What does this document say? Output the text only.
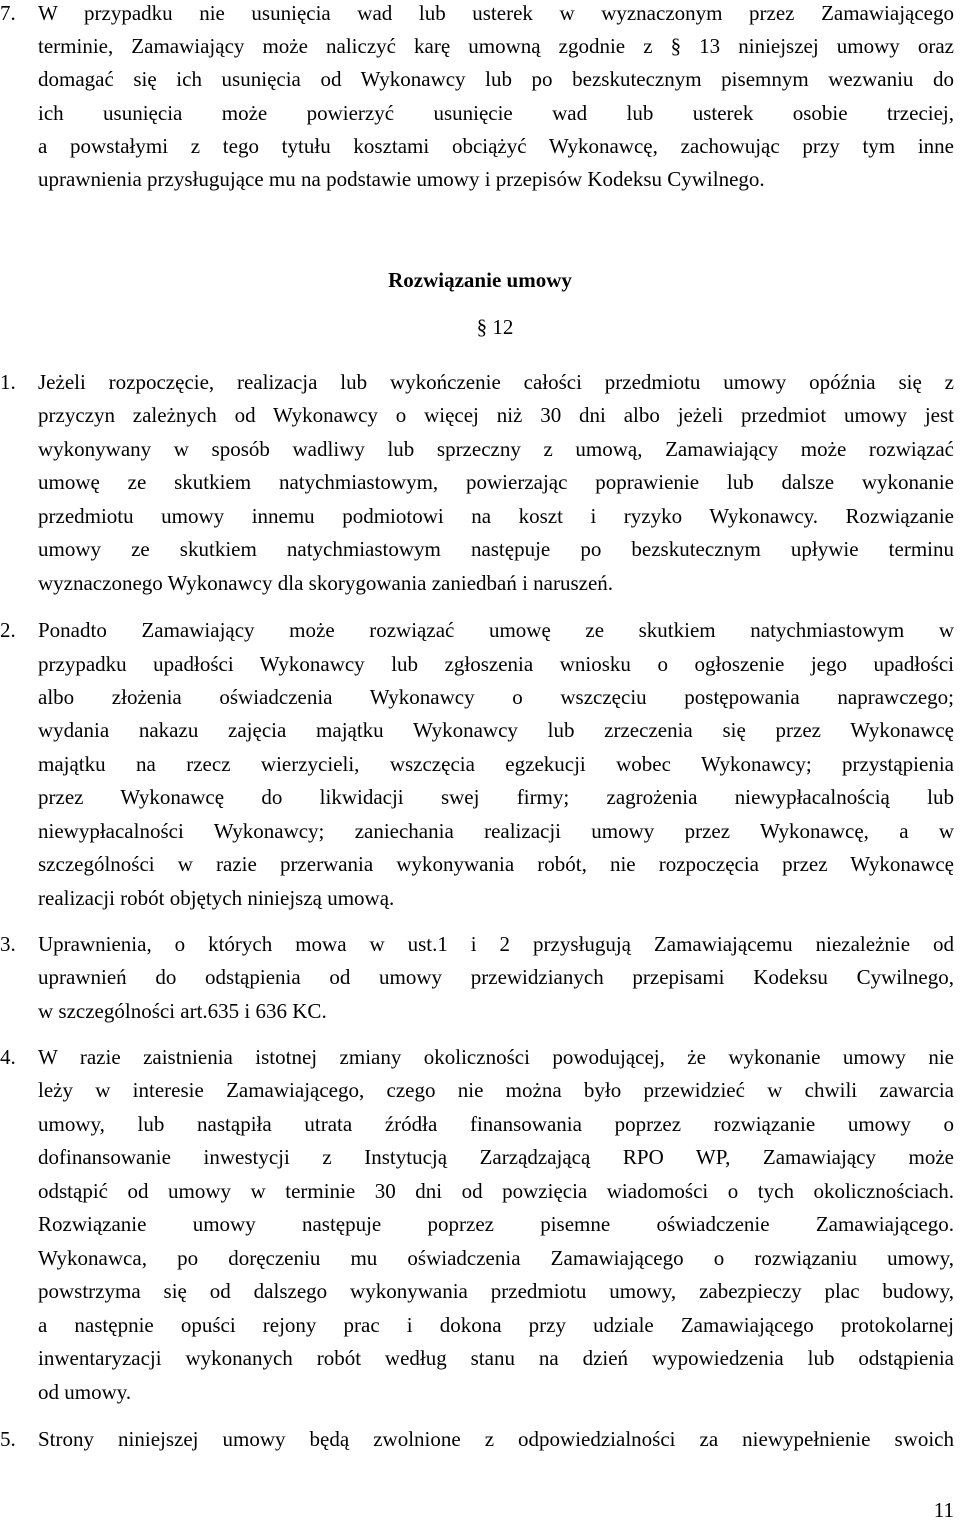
7. W przypadku nie usunięcia wad lub usterek w wyznaczonym przez Zamawiającego
terminie, Zamawiający może naliczyć karę umowną zgodnie z § 13 niniejszej umowy oraz
domagać się ich usunięcia od Wykonawcy lub po bezskutecznym pisemnym wezwaniu do
ich usunięcia może powierzyć usunięcie wad lub usterek osobie trzeciej,
a powstałymi z tego tytułu kosztami obciążyć Wykonawcę, zachowując przy tym inne
uprawnienia przysługujące mu na podstawie umowy i przepisów Kodeksu Cywilnego.
Rozwiązanie umowy
§ 12
1. Jeżeli rozpoczęcie, realizacja lub wykończenie całości przedmiotu umowy opóźnia się z
przyczyn zależnych od Wykonawcy o więcej niż 30 dni albo jeżeli przedmiot umowy jest
wykonywany w sposób wadliwy lub sprzeczny z umową, Zamawiający może rozwiązać
umowę ze skutkiem natychmiastowym, powierzając poprawienie lub dalsze wykonanie
przedmiotu umowy innemu podmiotowi na koszt i ryzyko Wykonawcy. Rozwiązanie
umowy ze skutkiem natychmiastowym następuje po bezskutecznym upływie terminu
wyznaczonego Wykonawcy dla skorygowania zaniedbań i naruszeń.
2. Ponadto Zamawiający może rozwiązać umowę ze skutkiem natychmiastowym w
przypadku upadłości Wykonawcy lub zgłoszenia wniosku o ogłoszenie jego upadłości
albo złożenia oświadczenia Wykonawcy o wszczęciu postępowania naprawczego;
wydania nakazu zajęcia majątku Wykonawcy lub zrzeczenia się przez Wykonawcę
majątku na rzecz wierzycieli, wszczęcia egzekucji wobec Wykonawcy; przystąpienia
przez Wykonawcę do likwidacji swej firmy; zagrożenia niewypłacalnością lub
niewypłacalności Wykonawcy; zaniechania realizacji umowy przez Wykonawcę, a w
szczególności w razie przerwania wykonywania robót, nie rozpoczęcia przez Wykonawcę
realizacji robót objętych niniejszą umową.
3. Uprawnienia, o których mowa w ust.1 i 2 przysługują Zamawiającemu niezależnie od
uprawnień do odstąpienia od umowy przewidzianych przepisami Kodeksu Cywilnego,
w szczególności art.635 i 636 KC.
4. W razie zaistnienia istotnej zmiany okoliczności powodującej, że wykonanie umowy nie
leży w interesie Zamawiającego, czego nie można było przewidzieć w chwili zawarcia
umowy, lub nastąpiła utrata źródła finansowania poprzez rozwiązanie umowy o
dofinansowanie inwestycji z Instytucją Zarządzającą RPO WP, Zamawiający może
odstąpić od umowy w terminie 30 dni od powzięcia wiadomości o tych okolicznościach.
Rozwiązanie umowy następuje poprzez pisemne oświadczenie Zamawiającego.
Wykonawca, po doręczeniu mu oświadczenia Zamawiającego o rozwiązaniu umowy,
powstrzyma się od dalszego wykonywania przedmiotu umowy, zabezpieczy plac budowy,
a następnie opuści rejony prac i dokona przy udziale Zamawiającego protokolarnej
inwentaryzacji wykonanych robót według stanu na dzień wypowiedzenia lub odstąpienia
od umowy.
5. Strony niniejszej umowy będą zwolnione z odpowiedzialności za niewypełnienie swoich
11
